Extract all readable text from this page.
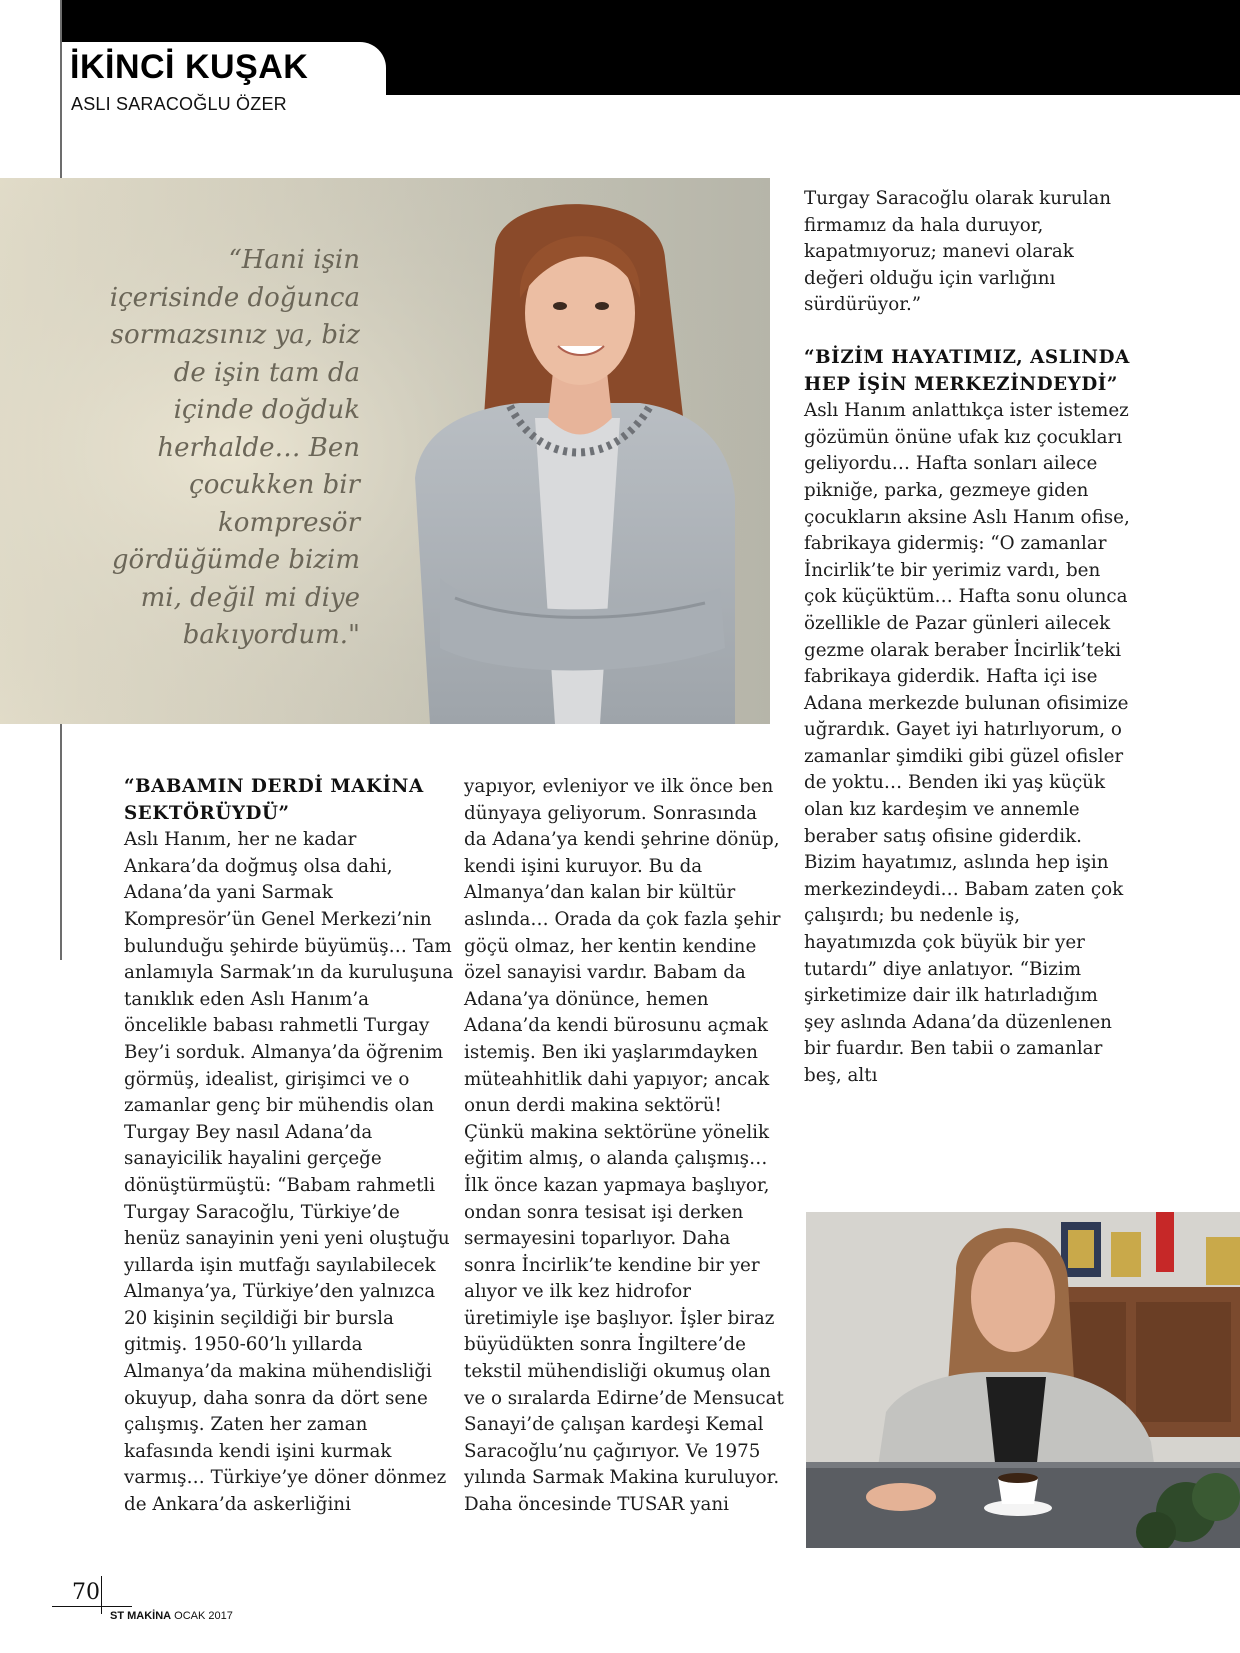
İKİNCİ KUŞAK
ASLI SARACOĞLU ÖZER

“Hani işin içerisinde doğunca sormazsınız ya, biz de işin tam da içinde doğduk herhalde… Ben çocukken bir kompresör gördüğümde bizim mi, değil mi diye bakıyordum."

“BABAMIN DERDİ MAKİNA SEKTÖRÜYDÜ”

Aslı Hanım, her ne kadar Ankara’da doğmuş olsa dahi, Adana’da yani Sarmak Kompresör’ün Genel Merkezi’nin bulunduğu şehirde büyümüş… Tam anlamıyla Sarmak’ın da kuruluşuna tanıklık eden Aslı Hanım’a öncelikle babası rahmetli Turgay Bey’i sorduk. Almanya’da öğrenim görmüş, idealist, girişimci ve o zamanlar genç bir mühendis olan Turgay Bey nasıl Adana’da sanayicilik hayalini gerçeğe dönüştürmüştü: “Babam rahmetli Turgay Saracoğlu, Türkiye’de henüz sanayinin yeni yeni oluştuğu yıllarda işin mutfağı sayılabilecek Almanya’ya, Türkiye’den yalnızca 20 kişinin seçildiği bir bursla gitmiş. 1950-60’lı yıllarda Almanya’da makina mühendisliği okuyup, daha sonra da dört sene çalışmış. Zaten her zaman kafasında kendi işini kurmak varmış… Türkiye’ye döner dönmez de Ankara’da askerliğini

yapıyor, evleniyor ve ilk önce ben dünyaya geliyorum. Sonrasında da Adana’ya kendi şehrine dönüp, kendi işini kuruyor. Bu da Almanya’dan kalan bir kültür aslında… Orada da çok fazla şehir göçü olmaz, her kentin kendine özel sanayisi vardır. Babam da Adana’ya dönünce, hemen Adana’da kendi bürosunu açmak istemiş. Ben iki yaşlarımdayken müteahhitlik dahi yapıyor; ancak onun derdi makina sektörü! Çünkü makina sektörüne yönelik eğitim almış, o alanda çalışmış… İlk önce kazan yapmaya başlıyor, ondan sonra tesisat işi derken sermayesini toparlıyor. Daha sonra İncirlik’te kendine bir yer alıyor ve ilk kez hidrofor üretimiyle işe başlıyor. İşler biraz büyüdükten sonra İngiltere’de tekstil mühendisliği okumuş olan ve o sıralarda Edirne’de Mensucat Sanayi’de çalışan kardeşi Kemal Saracoğlu’nu çağırıyor. Ve 1975 yılında Sarmak Makina kuruluyor. Daha öncesinde TUSAR yani

Turgay Saracoğlu olarak kurulan firmamız da hala duruyor, kapatmıyoruz; manevi olarak değeri olduğu için varlığını sürdürüyor.”

“BİZİM HAYATIMIZ, ASLINDA HEP İŞİN MERKEZİNDEYDİ”

Aslı Hanım anlattıkça ister istemez gözümün önüne ufak kız çocukları geliyordu… Hafta sonları ailece pikniğe, parka, gezmeye giden çocukların aksine Aslı Hanım ofise, fabrikaya gidermiş: “O zamanlar İncirlik’te bir yerimiz vardı, ben çok küçüktüm… Hafta sonu olunca özellikle de Pazar günleri ailecek gezme olarak beraber İncirlik’teki fabrikaya giderdik. Hafta içi ise Adana merkezde bulunan ofisimize uğrardık. Gayet iyi hatırlıyorum, o zamanlar şimdiki gibi güzel ofisler de yoktu… Benden iki yaş küçük olan kız kardeşim ve annemle beraber satış ofisine giderdik. Bizim hayatımız, aslında hep işin merkezindeydi… Babam zaten çok çalışırdı; bu nedenle iş, hayatımızda çok büyük bir yer tutardı” diye anlatıyor. “Bizim şirketimize dair ilk hatırladığım şey aslında Adana’da düzenlenen bir fuardır. Ben tabii o zamanlar beş, altı

70
ST MAKİNA OCAK 2017
